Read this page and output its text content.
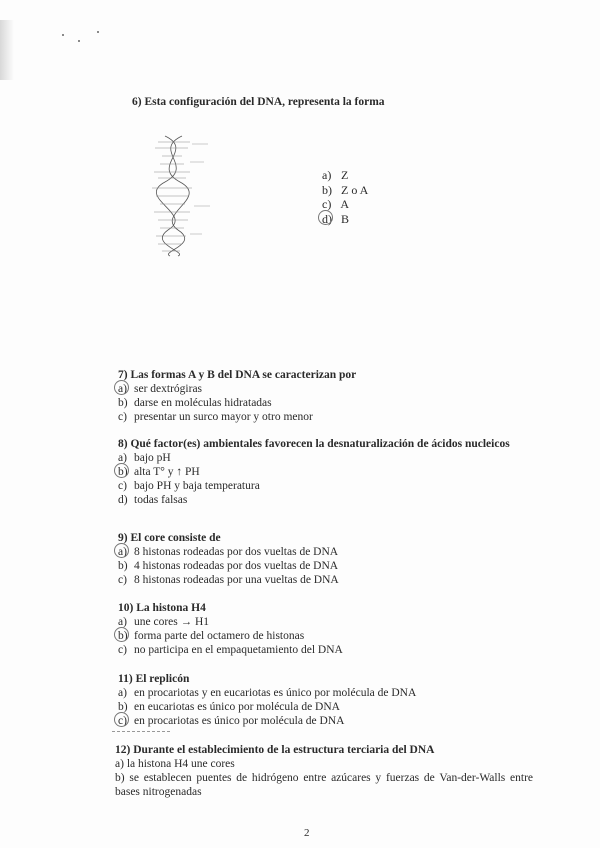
6) Esta configuración del DNA, representa la forma
a) Z
b) Z o A
c) A
d) B
7) Las formas A y B del DNA se caracterizan por
a) ser dextrógiras
b) darse en moléculas hidratadas
c) presentar un surco mayor y otro menor
8) Qué factor(es) ambientales favorecen la desnaturalización de ácidos nucleicos
a) bajo pH
b) alta T° y ↑ PH
c) bajo PH y baja temperatura
d) todas falsas
9) El core consiste de
a) 8 histonas rodeadas por dos vueltas de DNA
b) 4 histonas rodeadas por dos vueltas de DNA
c) 8 histonas rodeadas por una vueltas de DNA
10) La histona H4
a) une cores → H1
b) forma parte del octamero de histonas
c) no participa en el empaquetamiento del DNA
11) El replicón
a) en procariotas y en eucariotas es único por molécula de DNA
b) en eucariotas es único por molécula de DNA
c) en procariotas es único por molécula de DNA
12) Durante el establecimiento de la estructura terciaria del DNA
a) la histona H4 une cores
b) se establecen puentes de hidrógeno entre azúcares y fuerzas de Van-der-Walls entre bases nitrogenadas
2
